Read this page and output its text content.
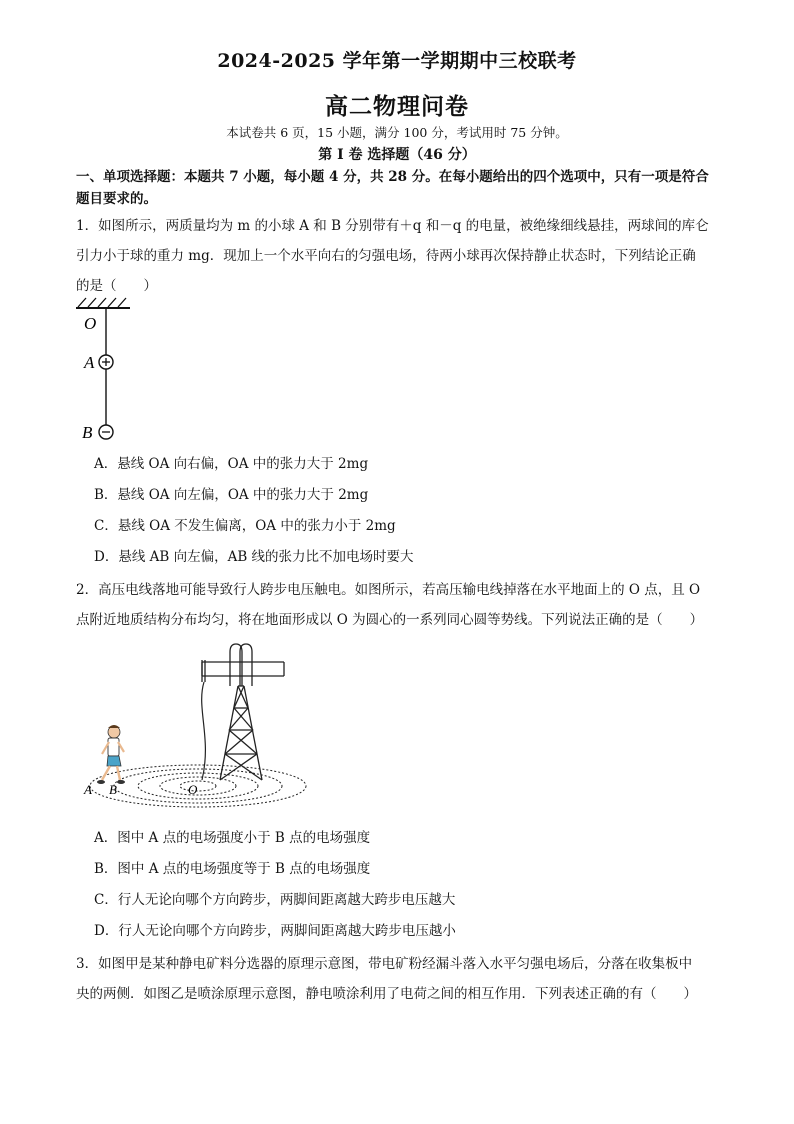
2024-2025 学年第一学期期中三校联考
高二物理问卷
本试卷共 6 页，15 小题，满分 100 分，考试用时 75 分钟。
第 I 卷 选择题（46 分）
一、单项选择题：本题共 7 小题，每小题 4 分，共 28 分。在每小题给出的四个选项中，只有一项是符合题目要求的。
1．如图所示，两质量均为 m 的小球 A 和 B 分别带有＋q 和－q 的电量，被绝缘细线悬挂，两球间的库仑
引力小于球的重力 mg．现加上一个水平向右的匀强电场，待两小球再次保持静止状态时，下列结论正确
的是（　　）
O
A
B
A．悬线 OA 向右偏，OA 中的张力大于 2mg
B．悬线 OA 向左偏，OA 中的张力大于 2mg
C．悬线 OA 不发生偏离，OA 中的张力小于 2mg
D．悬线 AB 向左偏，AB 线的张力比不加电场时要大
2．高压电线落地可能导致行人跨步电压触电。如图所示，若高压输电线掉落在水平地面上的 O 点，且 O
点附近地质结构分布均匀，将在地面形成以 O 为圆心的一系列同心圆等势线。下列说法正确的是（　　）
A B	O
A．图中 A 点的电场强度小于 B 点的电场强度
B．图中 A 点的电场强度等于 B 点的电场强度
C．行人无论向哪个方向跨步，两脚间距离越大跨步电压越大
D．行人无论向哪个方向跨步，两脚间距离越大跨步电压越小
3．如图甲是某种静电矿料分选器的原理示意图，带电矿粉经漏斗落入水平匀强电场后，分落在收集板中
央的两侧．如图乙是喷涂原理示意图，静电喷涂利用了电荷之间的相互作用．下列表述正确的有（　　）
